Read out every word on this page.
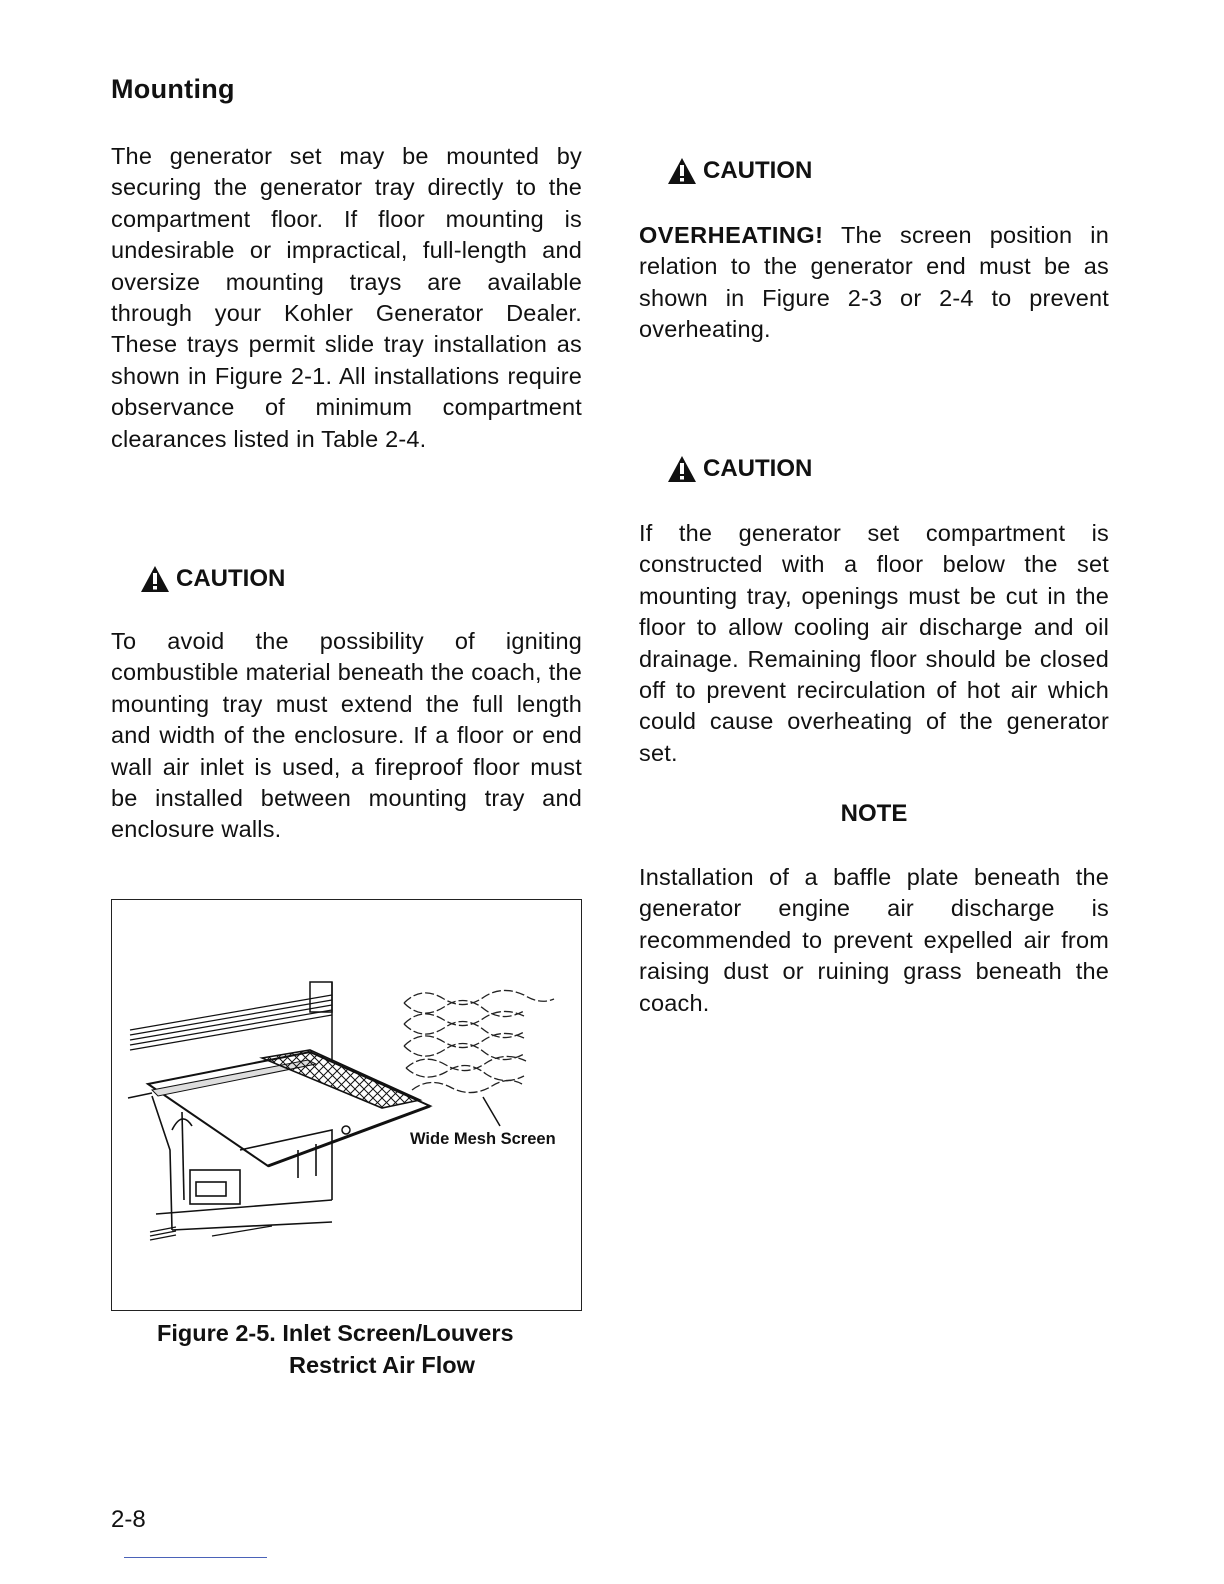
Mounting

The generator set may be mounted by securing the generator tray directly to the compartment floor. If floor mounting is undesirable or impractical, full-length and oversize mounting trays are available through your Kohler Generator Dealer. These trays permit slide tray installation as shown in Figure 2-1. All installations require observance of minimum compartment clearances listed in Table 2-4.

CAUTION

To avoid the possibility of igniting combustible material beneath the coach, the mounting tray must extend the full length and width of the enclosure. If a floor or end wall air inlet is used, a fireproof floor must be installed between mounting tray and enclosure walls.

Wide Mesh Screen
Figure 2-5. Inlet Screen/Louvers
Restrict Air Flow
CAUTION

OVERHEATING! The screen position in relation to the generator end must be as shown in Figure 2-3 or 2-4 to prevent overheating.

CAUTION

If the generator set compartment is constructed with a floor below the set mounting tray, openings must be cut in the floor to allow cooling air discharge and oil drainage. Remaining floor should be closed off to prevent recirculation of hot air which could cause overheating of the generator set.

NOTE

Installation of a baffle plate beneath the generator engine air discharge is recommended to prevent expelled air from raising dust or ruining grass beneath the coach.

2-8
